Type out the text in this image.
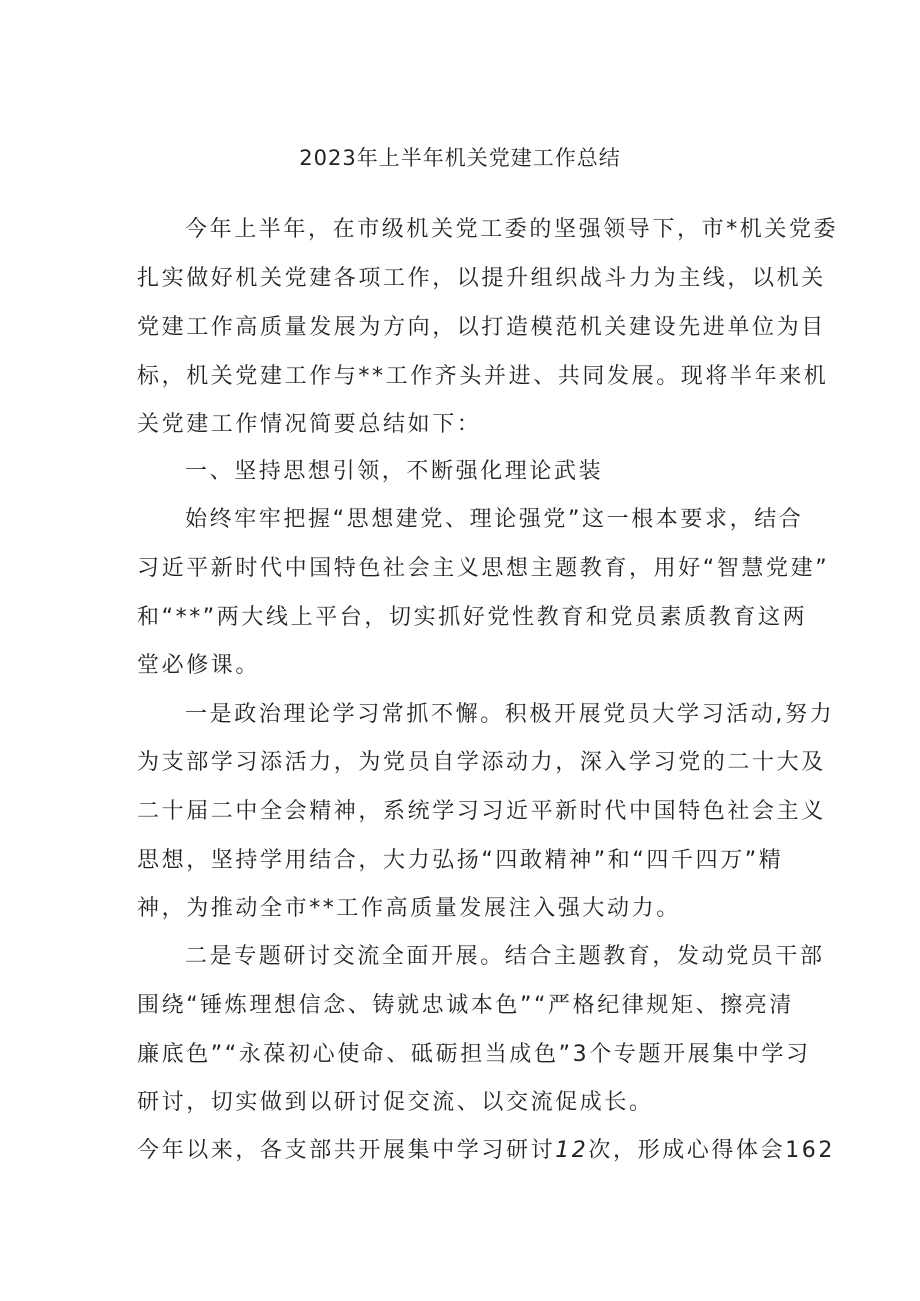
2023年上半年机关党建工作总结
今年上半年，在市级机关党工委的坚强领导下，市*机关党委
扎实做好机关党建各项工作，以提升组织战斗力为主线，以机关
党建工作高质量发展为方向，以打造模范机关建设先进单位为目
标，机关党建工作与**工作齐头并进、共同发展。现将半年来机
关党建工作情况简要总结如下：
一、坚持思想引领，不断强化理论武装
始终牢牢把握“思想建党、理论强党”这一根本要求，结合
习近平新时代中国特色社会主义思想主题教育，用好“智慧党建”
和“**”两大线上平台，切实抓好党性教育和党员素质教育这两
堂必修课。
一是政治理论学习常抓不懈。积极开展党员大学习活动,努力
为支部学习添活力，为党员自学添动力，深入学习党的二十大及
二十届二中全会精神，系统学习习近平新时代中国特色社会主义
思想，坚持学用结合，大力弘扬“四敢精神”和“四千四万”精
神，为推动全市**工作高质量发展注入强大动力。
二是专题研讨交流全面开展。结合主题教育，发动党员干部
围绕“锤炼理想信念、铸就忠诚本色”“严格纪律规矩、擦亮清
廉底色”“永葆初心使命、砥砺担当成色”3个专题开展集中学习
研讨，切实做到以研讨促交流、以交流促成长。
今年以来，各支部共开展集中学习研讨12次，形成心得体会162
